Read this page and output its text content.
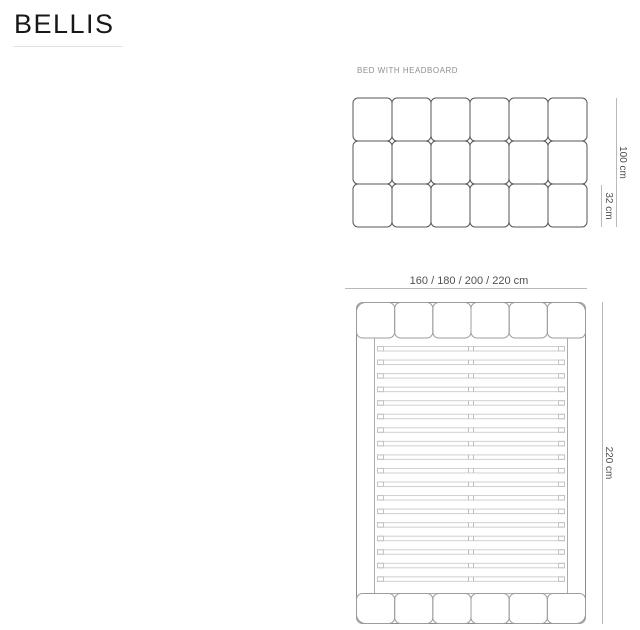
BELLIS
BED WITH HEADBOARD
100 cm
32 cm
160 / 180 / 200 / 220 cm
220 cm
